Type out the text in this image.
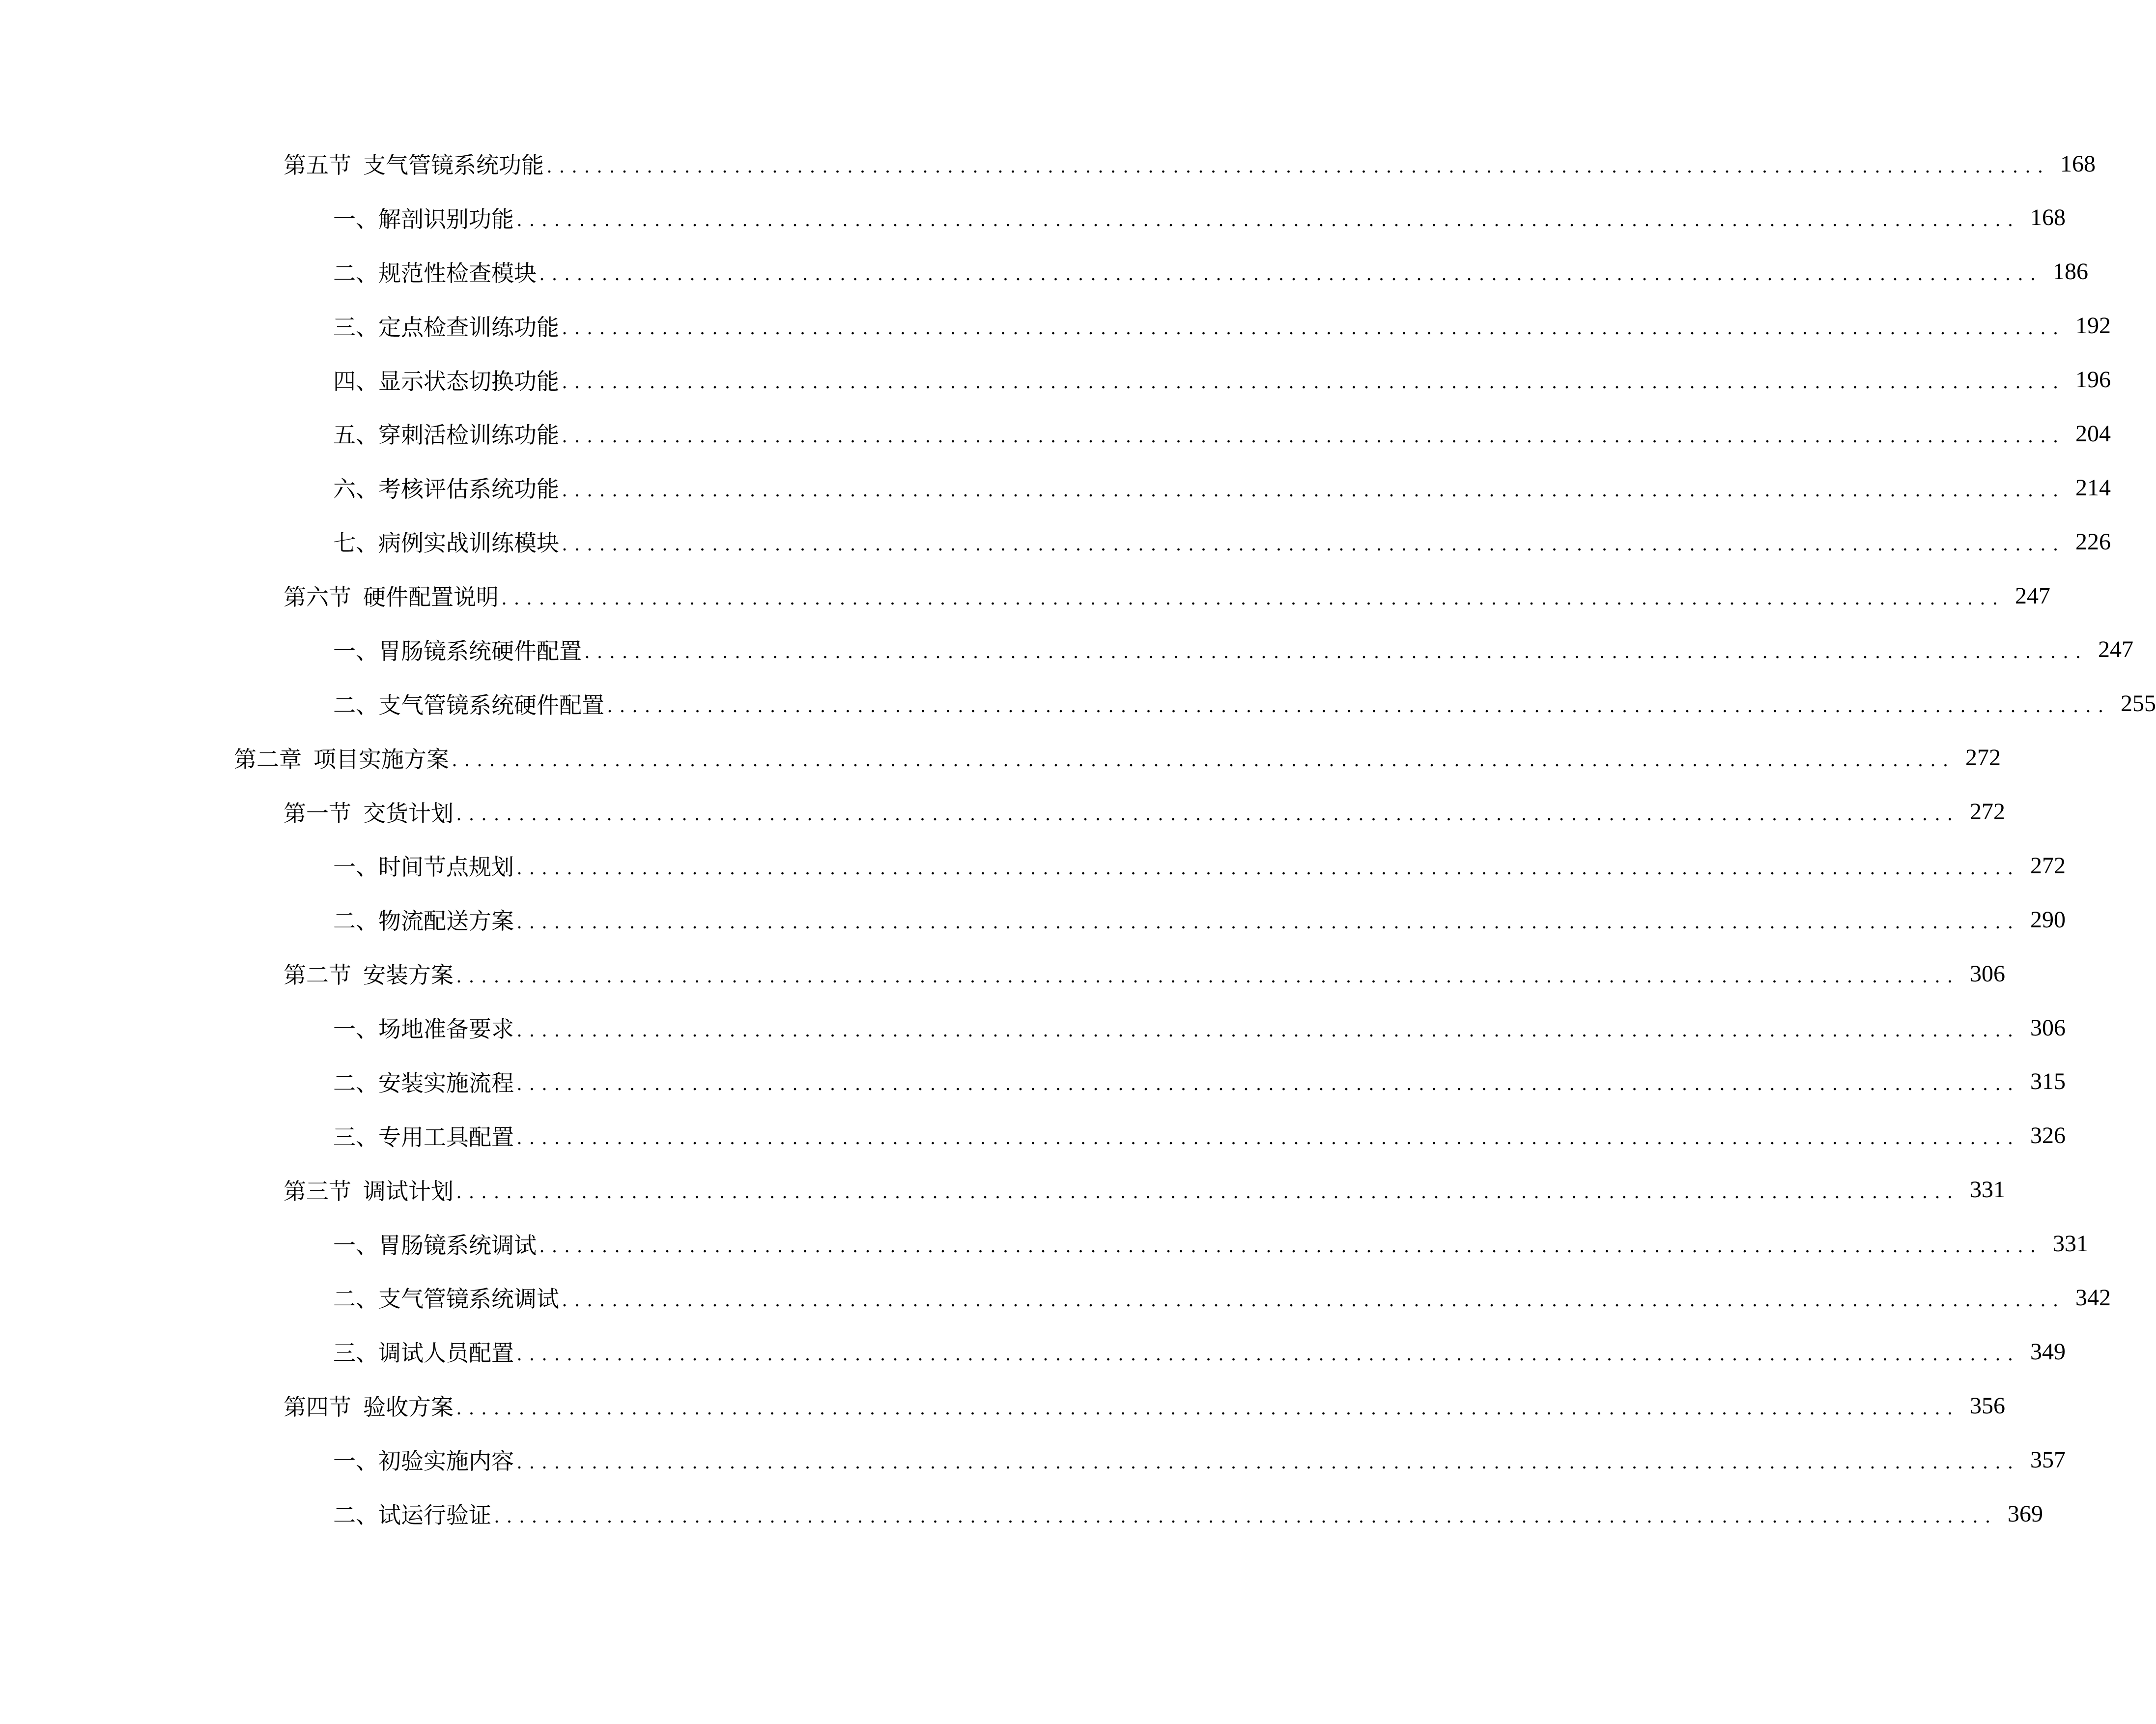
第五节 支气管镜系统功能 ........................................................................................................................ 168
一、 解剖识别功能 ........................................................................................................................ 168
二、 规范性检查模块 ........................................................................................................................ 186
三、 定点检查训练功能 ........................................................................................................................ 192
四、 显示状态切换功能 ........................................................................................................................ 196
五、 穿刺活检训练功能 ........................................................................................................................ 204
六、 考核评估系统功能 ........................................................................................................................ 214
七、 病例实战训练模块 ........................................................................................................................ 226
第六节 硬件配置说明 ........................................................................................................................ 247
一、 胃肠镜系统硬件配置 ........................................................................................................................ 247
二、 支气管镜系统硬件配置 ........................................................................................................................ 255
第二章 项目实施方案 ........................................................................................................................ 272
第一节 交货计划 ........................................................................................................................ 272
一、 时间节点规划 ........................................................................................................................ 272
二、 物流配送方案 ........................................................................................................................ 290
第二节 安装方案 ........................................................................................................................ 306
一、 场地准备要求 ........................................................................................................................ 306
二、 安装实施流程 ........................................................................................................................ 315
三、 专用工具配置 ........................................................................................................................ 326
第三节 调试计划 ........................................................................................................................ 331
一、 胃肠镜系统调试 ........................................................................................................................ 331
二、 支气管镜系统调试 ........................................................................................................................ 342
三、 调试人员配置 ........................................................................................................................ 349
第四节 验收方案 ........................................................................................................................ 356
一、 初验实施内容 ........................................................................................................................ 357
二、 试运行验证 ........................................................................................................................ 369
